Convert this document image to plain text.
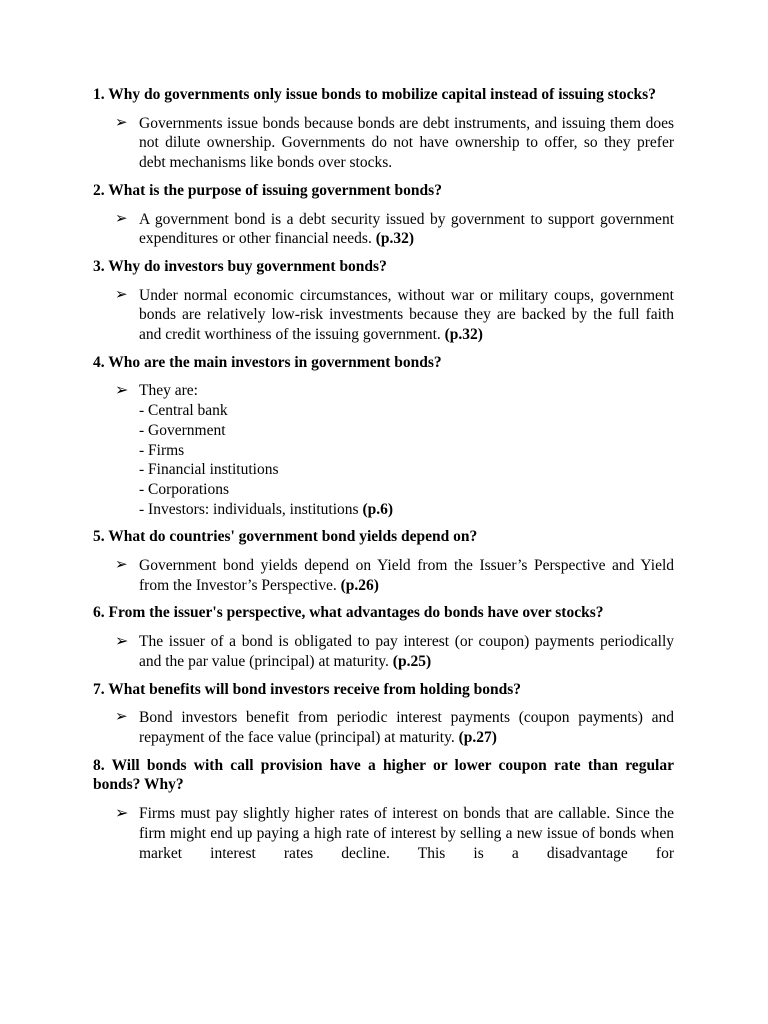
1. Why do governments only issue bonds to mobilize capital instead of issuing stocks?

➢ Governments issue bonds because bonds are debt instruments, and issuing them does not dilute ownership. Governments do not have ownership to offer, so they prefer debt mechanisms like bonds over stocks.

2. What is the purpose of issuing government bonds?

➢ A government bond is a debt security issued by government to support government expenditures or other financial needs. (p.32)

3. Why do investors buy government bonds?

➢ Under normal economic circumstances, without war or military coups, government bonds are relatively low-risk investments because they are backed by the full faith and credit worthiness of the issuing government. (p.32)

4. Who are the main investors in government bonds?

➢ They are:
- Central bank
- Government
- Firms
- Financial institutions
- Corporations
- Investors: individuals, institutions (p.6)

5. What do countries' government bond yields depend on?

➢ Government bond yields depend on Yield from the Issuer’s Perspective and Yield from the Investor’s Perspective. (p.26)

6. From the issuer's perspective, what advantages do bonds have over stocks?

➢ The issuer of a bond is obligated to pay interest (or coupon) payments periodically and the par value (principal) at maturity. (p.25)

7. What benefits will bond investors receive from holding bonds?

➢ Bond investors benefit from periodic interest payments (coupon payments) and repayment of the face value (principal) at maturity. (p.27)

8. Will bonds with call provision have a higher or lower coupon rate than regular bonds? Why?

➢ Firms must pay slightly higher rates of interest on bonds that are callable. Since the firm might end up paying a high rate of interest by selling a new issue of bonds when market interest rates decline. This is a disadvantage for
